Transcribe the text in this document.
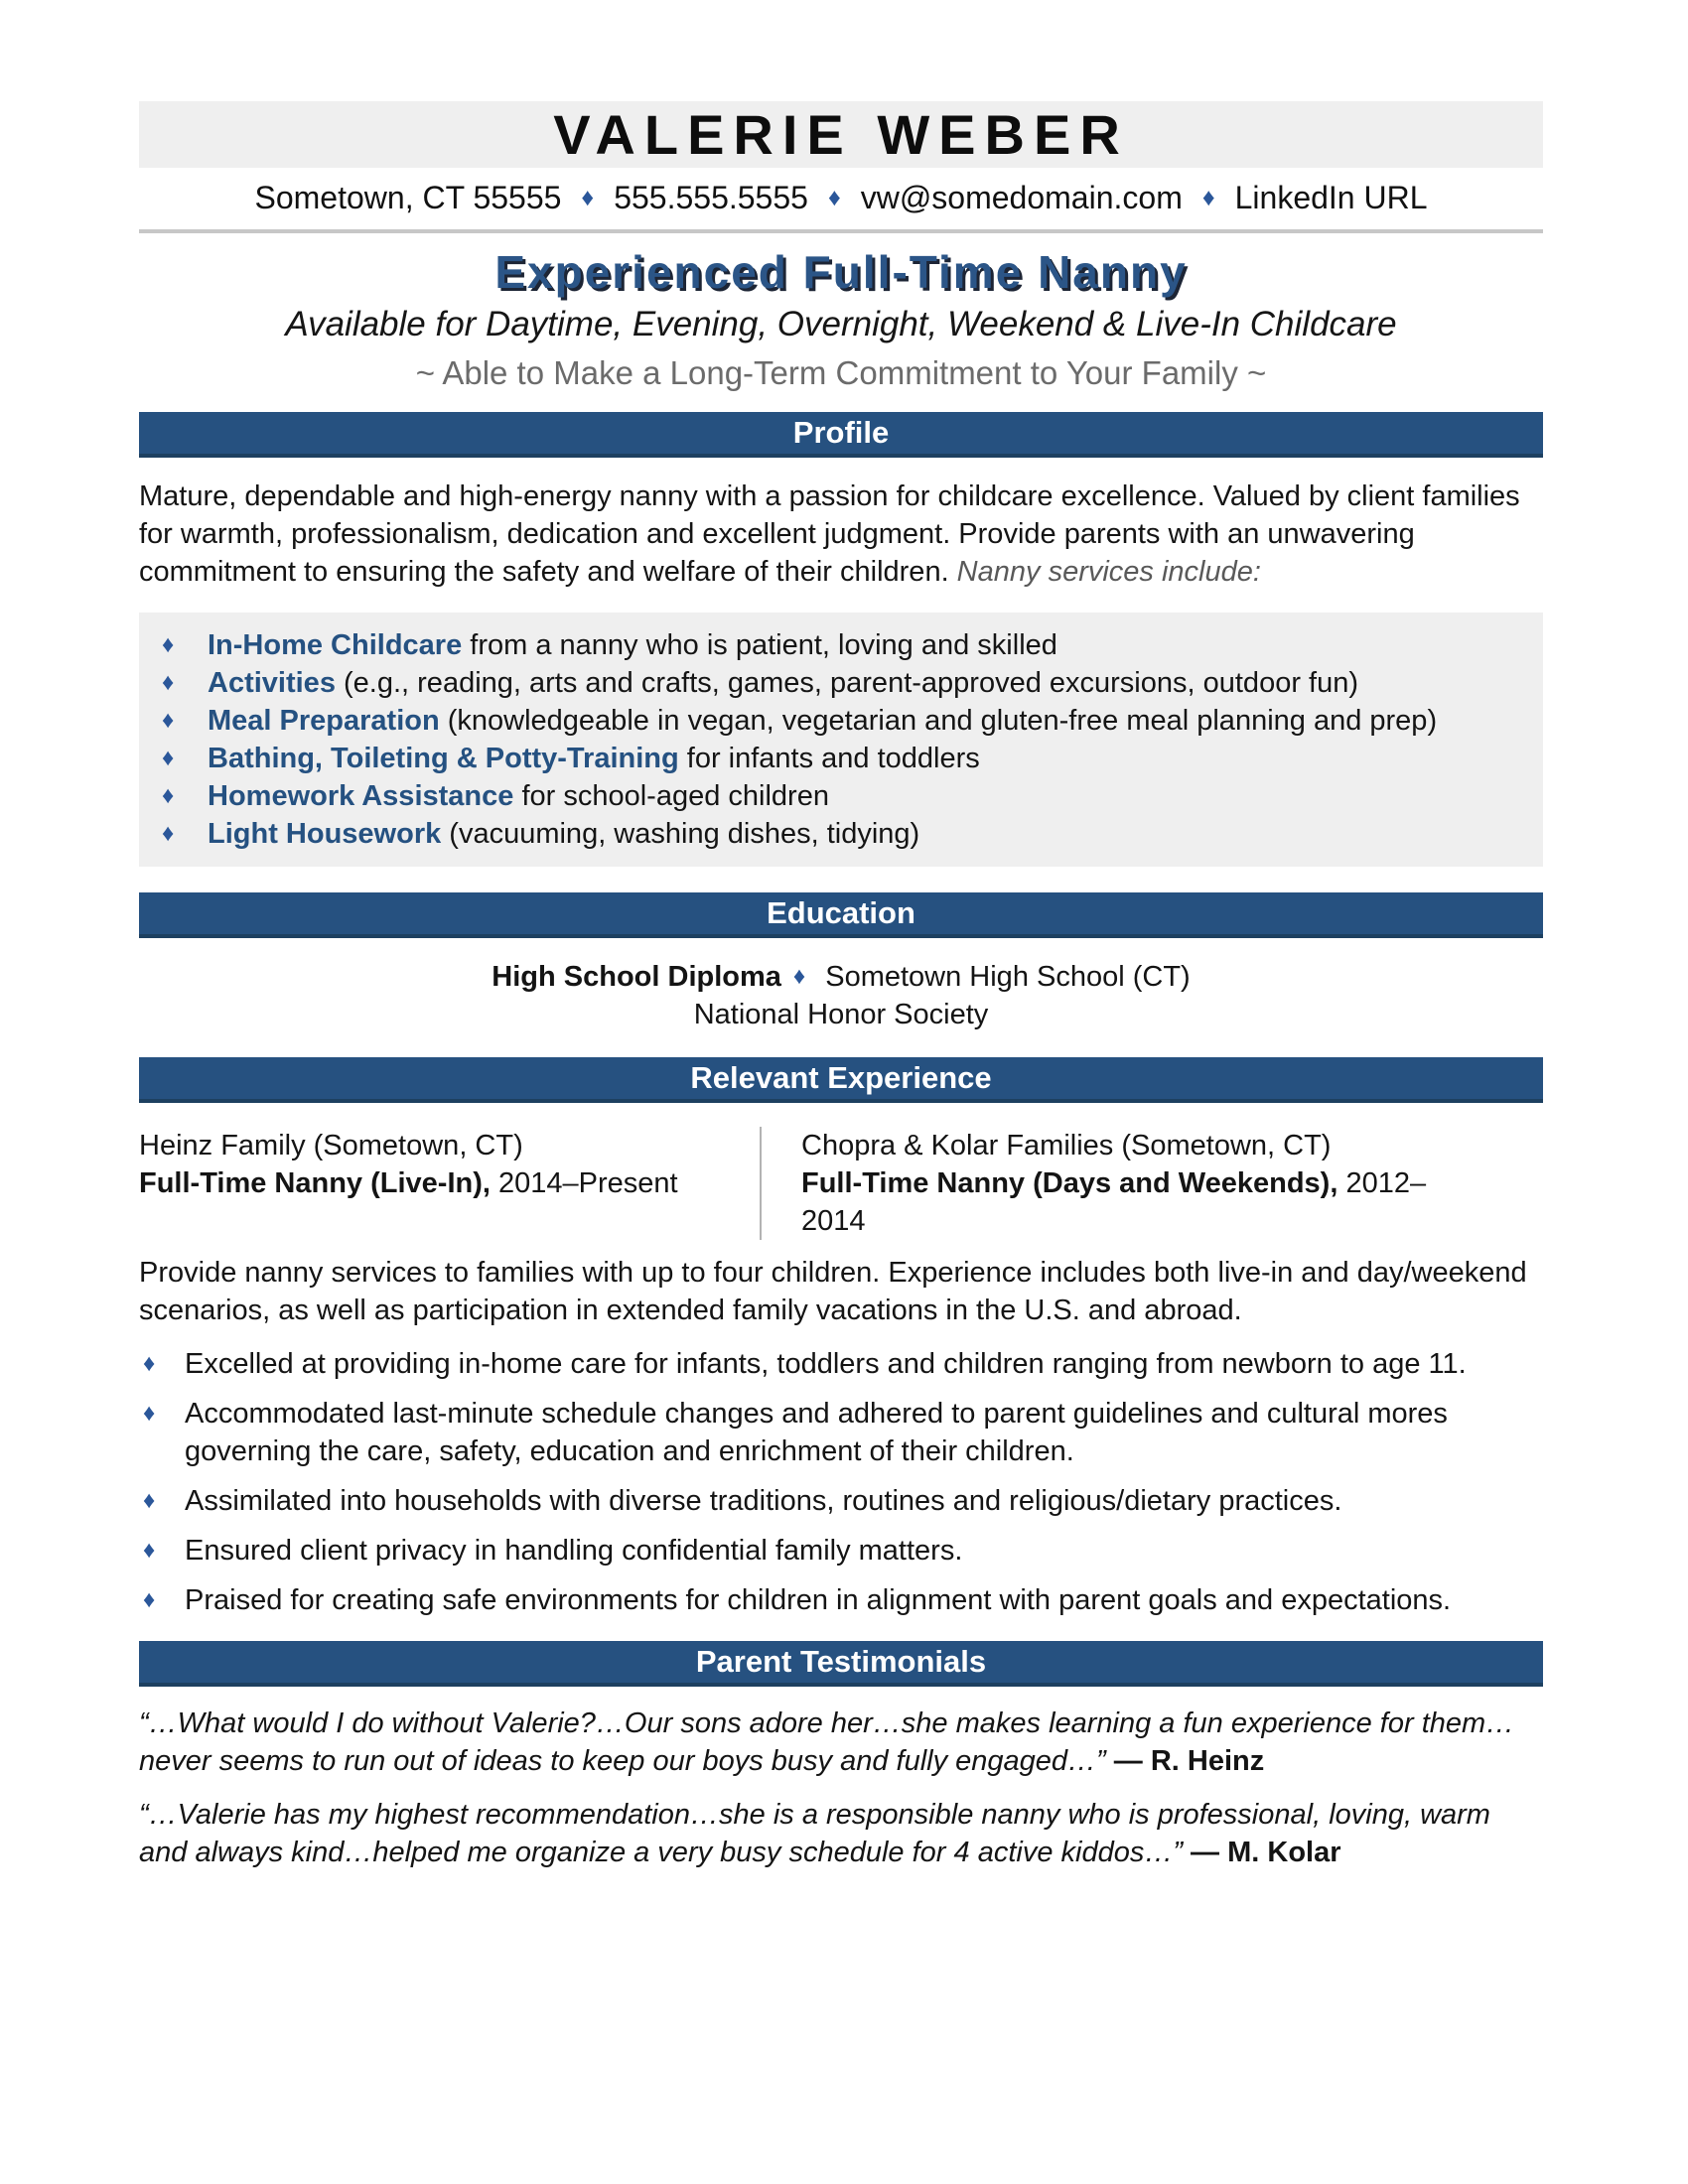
VALERIE WEBER
Sometown, CT 55555 ♦ 555.555.5555 ♦ vw@somedomain.com ♦ LinkedIn URL
Experienced Full-Time Nanny
Available for Daytime, Evening, Overnight, Weekend & Live-In Childcare
~ Able to Make a Long-Term Commitment to Your Family ~
Profile

Mature, dependable and high-energy nanny with a passion for childcare excellence. Valued by client families for warmth, professionalism, dedication and excellent judgment. Provide parents with an unwavering commitment to ensuring the safety and welfare of their children. Nanny services include:

♦	In-Home Childcare from a nanny who is patient, loving and skilled
♦	Activities (e.g., reading, arts and crafts, games, parent-approved excursions, outdoor fun)
♦	Meal Preparation (knowledgeable in vegan, vegetarian and gluten-free meal planning and prep)
♦	Bathing, Toileting & Potty-Training for infants and toddlers
♦	Homework Assistance for school-aged children
♦	Light Housework (vacuuming, washing dishes, tidying)
Education
High School Diploma ♦ Sometown High School (CT)
National Honor Society
Relevant Experience
Heinz Family (Sometown, CT)
Full-Time Nanny (Live-In), 2014–Present
Chopra & Kolar Families (Sometown, CT)
Full-Time Nanny (Days and Weekends), 2012–2014

Provide nanny services to families with up to four children. Experience includes both live-in and day/weekend scenarios, as well as participation in extended family vacations in the U.S. and abroad.

♦	Excelled at providing in-home care for infants, toddlers and children ranging from newborn to age 11.
♦	Accommodated last-minute schedule changes and adhered to parent guidelines and cultural mores governing the care, safety, education and enrichment of their children.
♦	Assimilated into households with diverse traditions, routines and religious/dietary practices.
♦	Ensured client privacy in handling confidential family matters.
♦	Praised for creating safe environments for children in alignment with parent goals and expectations.
Parent Testimonials

“…What would I do without Valerie?…Our sons adore her…she makes learning a fun experience for them…never seems to run out of ideas to keep our boys busy and fully engaged…” — R. Heinz

“…Valerie has my highest recommendation…she is a responsible nanny who is professional, loving, warm and always kind…helped me organize a very busy schedule for 4 active kiddos…” — M. Kolar
